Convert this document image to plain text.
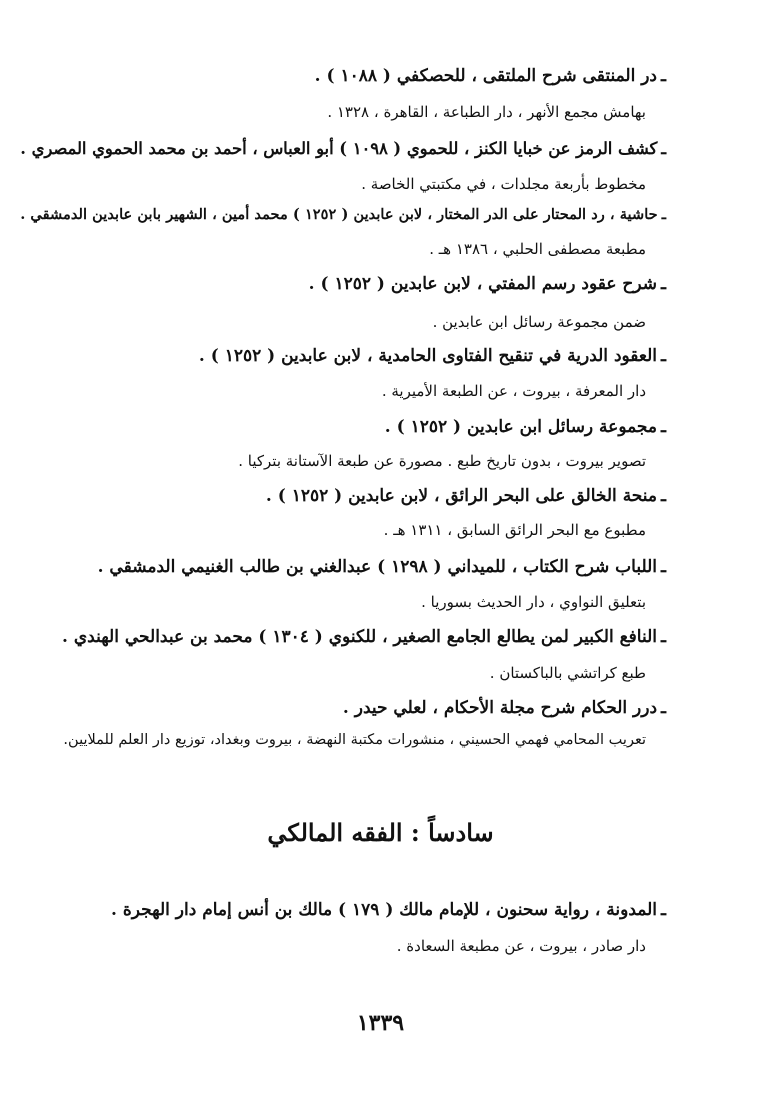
ـدر المنتقى شرح الملتقى ، للحصكفي ( ١٠٨٨ ) .
بهامش مجمع الأنهر ، دار الطباعة ، القاهرة ، ١٣٢٨ .
ـكشف الرمز عن خبايا الكنز ، للحموي ( ١٠٩٨ ) أبو العباس ، أحمد بن محمد الحموي المصري .
مخطوط بأربعة مجلدات ، في مكتبتي الخاصة .
ـحاشية ، رد المحتار على الدر المختار ، لابن عابدين ( ١٢٥٢ ) محمد أمين ، الشهير بابن عابدين الدمشقي .
مطبعة مصطفى الحلبي ، ١٣٨٦ هـ .
ـشرح عقود رسم المفتي ، لابن عابدين ( ١٢٥٢ ) .
ضمن مجموعة رسائل ابن عابدين .
ـالعقود الدرية في تنقيح الفتاوى الحامدية ، لابن عابدين ( ١٢٥٢ ) .
دار المعرفة ، بيروت ، عن الطبعة الأميرية .
ـمجموعة رسائل ابن عابدين ( ١٢٥٢ ) .
تصوير بيروت ، بدون تاريخ طبع . مصورة عن طبعة الآستانة بتركيا .
ـمنحة الخالق على البحر الرائق ، لابن عابدين ( ١٢٥٢ ) .
مطبوع مع البحر الرائق السابق ، ١٣١١ هـ .
ـاللباب شرح الكتاب ، للميداني ( ١٢٩٨ ) عبدالغني بن طالب الغنيمي الدمشقي .
بتعليق النواوي ، دار الحديث بسوريا .
ـالنافع الكبير لمن يطالع الجامع الصغير ، للكنوي ( ١٣٠٤ ) محمد بن عبدالحي الهندي .
طبع كراتشي بالباكستان .
ـدرر الحكام شرح مجلة الأحكام ، لعلي حيدر .
تعريب المحامي فهمي الحسيني ، منشورات مكتبة النهضة ، بيروت وبغداد، توزيع دار العلم للملايين.
سادساً : الفقه المالكي
ـالمدونة ، رواية سحنون ، للإمام مالك ( ١٧٩ ) مالك بن أنس إمام دار الهجرة .
دار صادر ، بيروت ، عن مطبعة السعادة .
١٣٣٩
